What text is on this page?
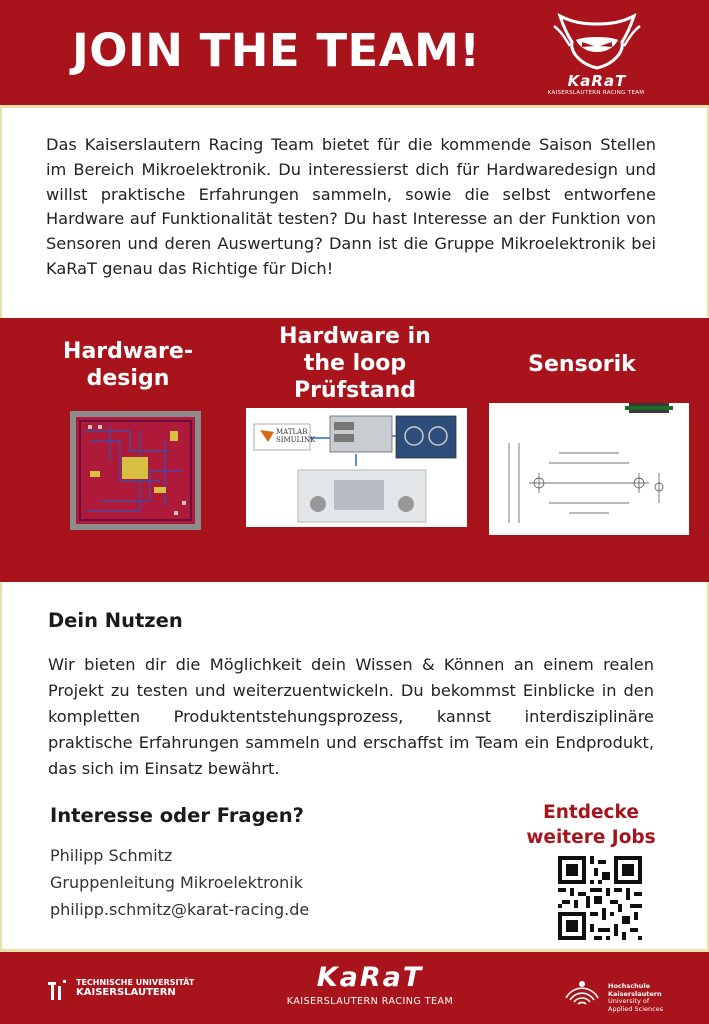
JOIN THE TEAM!
KaRaT
KAISERSLAUTERN RACING TEAM

Das Kaiserslautern Racing Team bietet für die kommende Saison Stellen im Bereich Mikroelektronik. Du interessierst dich für Hardwaredesign und willst praktische Erfahrungen sammeln, sowie die selbst entworfene Hardware auf Funktionalität testen? Du hast Interesse an der Funktion von Sensoren und deren Auswertung? Dann ist die Gruppe Mikroelektronik bei KaRaT genau das Richtige für Dich!

Hardware-
design
Hardware in
the loop
Prüfstand
Sensorik
MATLAB
SIMULINK
Dein Nutzen

Wir bieten dir die Möglichkeit dein Wissen & Können an einem realen Projekt zu testen und weiterzuentwickeln. Du bekommst Einblicke in den kompletten Produktentstehungsprozess, kannst interdisziplinäre praktische Erfahrungen sammeln und erschaffst im Team ein Endprodukt, das sich im Einsatz bewährt.

Interesse oder Fragen?
Philipp Schmitz
Gruppenleitung Mikroelektronik
philipp.schmitz@karat-racing.de
Entdecke
weitere Jobs
TECHNISCHE UNIVERSITÄT
KAISERSLAUTERN	KaRaT
KAISERSLAUTERN RACING TEAM
Hochschule
Kaiserslautern
University of
Applied Sciences
